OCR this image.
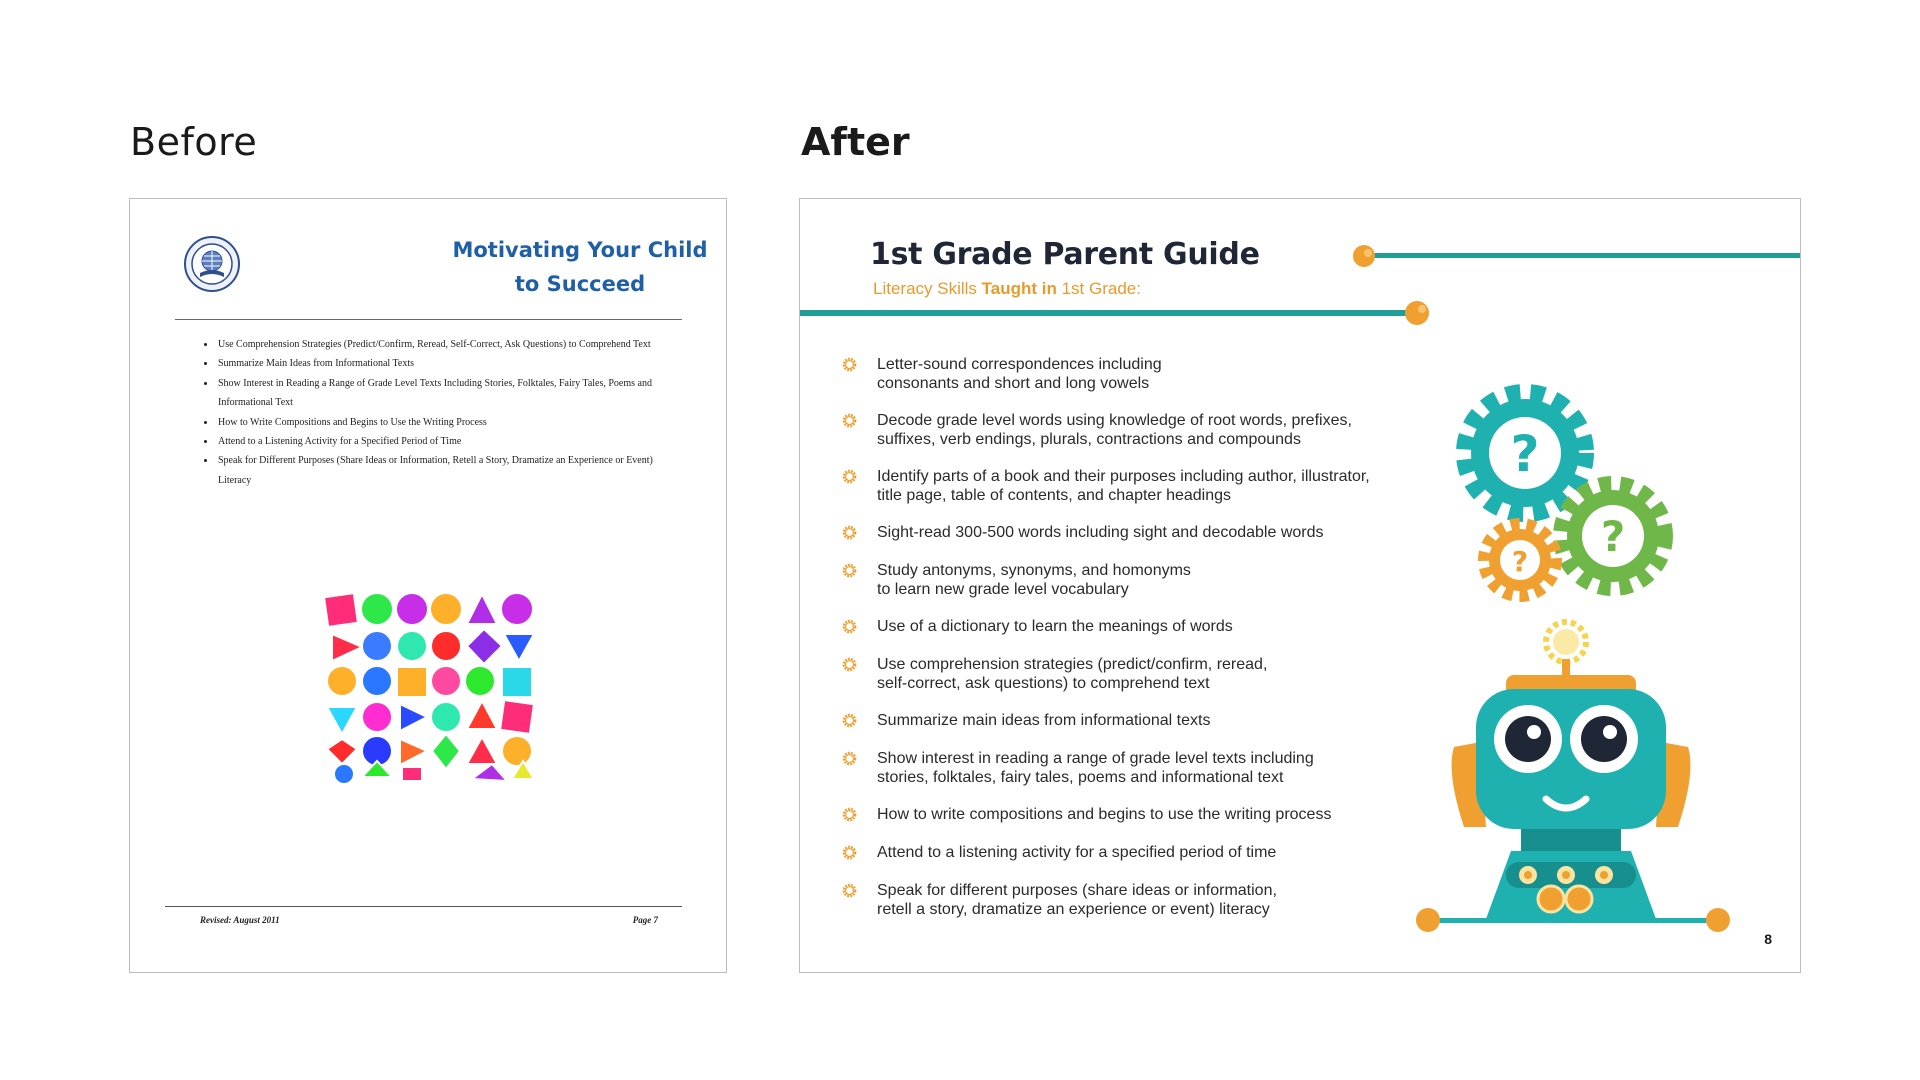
Before	After
Motivating Your Child
to Succeed
• Use Comprehension Strategies (Predict/Confirm, Reread, Self-Correct, Ask Questions) to Comprehend Text
• Summarize Main Ideas from Informational Texts
• Show Interest in Reading a Range of Grade Level Texts Including Stories, Folktales, Fairy Tales, Poems and Informational Text
• How to Write Compositions and Begins to Use the Writing Process
• Attend to a Listening Activity for a Specified Period of Time
• Speak for Different Purposes (Share Ideas or Information, Retell a Story, Dramatize an Experience or Event) Literacy
Revised: August 2011	Page 7
1st Grade Parent Guide
Literacy Skills Taught in 1st Grade:
Letter-sound correspondences including
consonants and short and long vowels
Decode grade level words using knowledge of root words, prefixes,
suffixes, verb endings, plurals, contractions and compounds
Identify parts of a book and their purposes including author, illustrator,
title page, table of contents, and chapter headings
Sight-read 300-500 words including sight and decodable words
Study antonyms, synonyms, and homonyms
to learn new grade level vocabulary
Use of a dictionary to learn the meanings of words
Use comprehension strategies (predict/confirm, reread,
self-correct, ask questions) to comprehend text
Summarize main ideas from informational texts
Show interest in reading a range of grade level texts including
stories, folktales, fairy tales, poems and informational text
How to write compositions and begins to use the writing process
Attend to a listening activity for a specified period of time
Speak for different purposes (share ideas or information,
retell a story, dramatize an experience or event) literacy
?
?
?
8
